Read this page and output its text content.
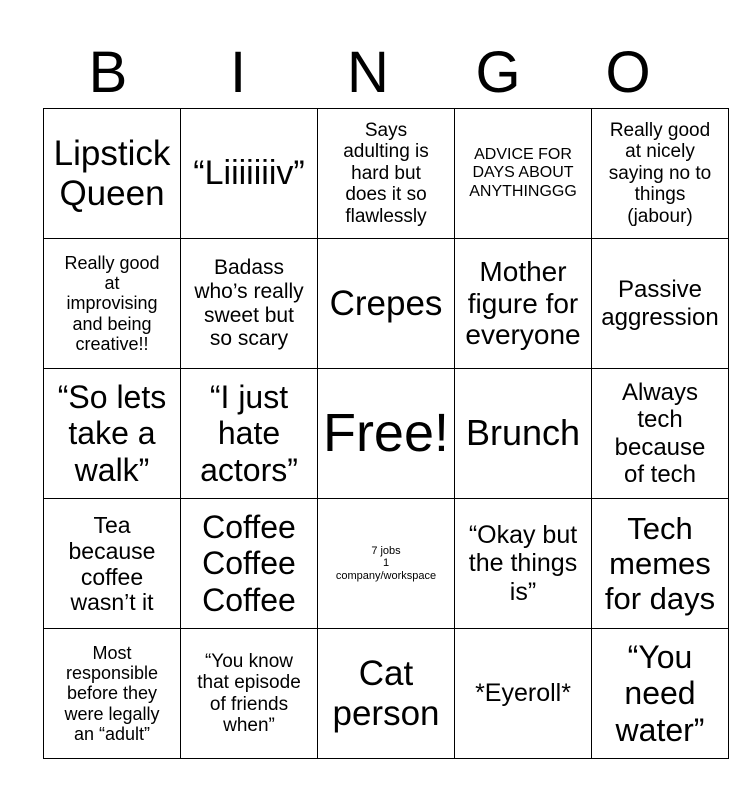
B	I	N	G	O
Lipstick
Queen	“Liiiiiiiv”	Says
adulting is
hard but
does it so
flawlessly	ADVICE FOR
DAYS ABOUT
ANYTHINGGG	Really good
at nicely
saying no to
things
(jabour)

Really good
at
improvising
and being
creative!!	Badass
who’s really
sweet but
so scary	Crepes	Mother
figure for
everyone	Passive
aggression

“So lets
take a
walk”	“I just
hate
actors”	Free!	Brunch	Always
tech
because
of tech

Tea
because
coffee
wasn’t it	Coffee
Coffee
Coffee	7 jobs
1
company/workspace	“Okay but
the things
is”	Tech
memes
for days

Most
responsible
before they
were legally
an “adult”	“You know
that episode
of friends
when”	Cat
person	*Eyeroll*	“You
need
water”
